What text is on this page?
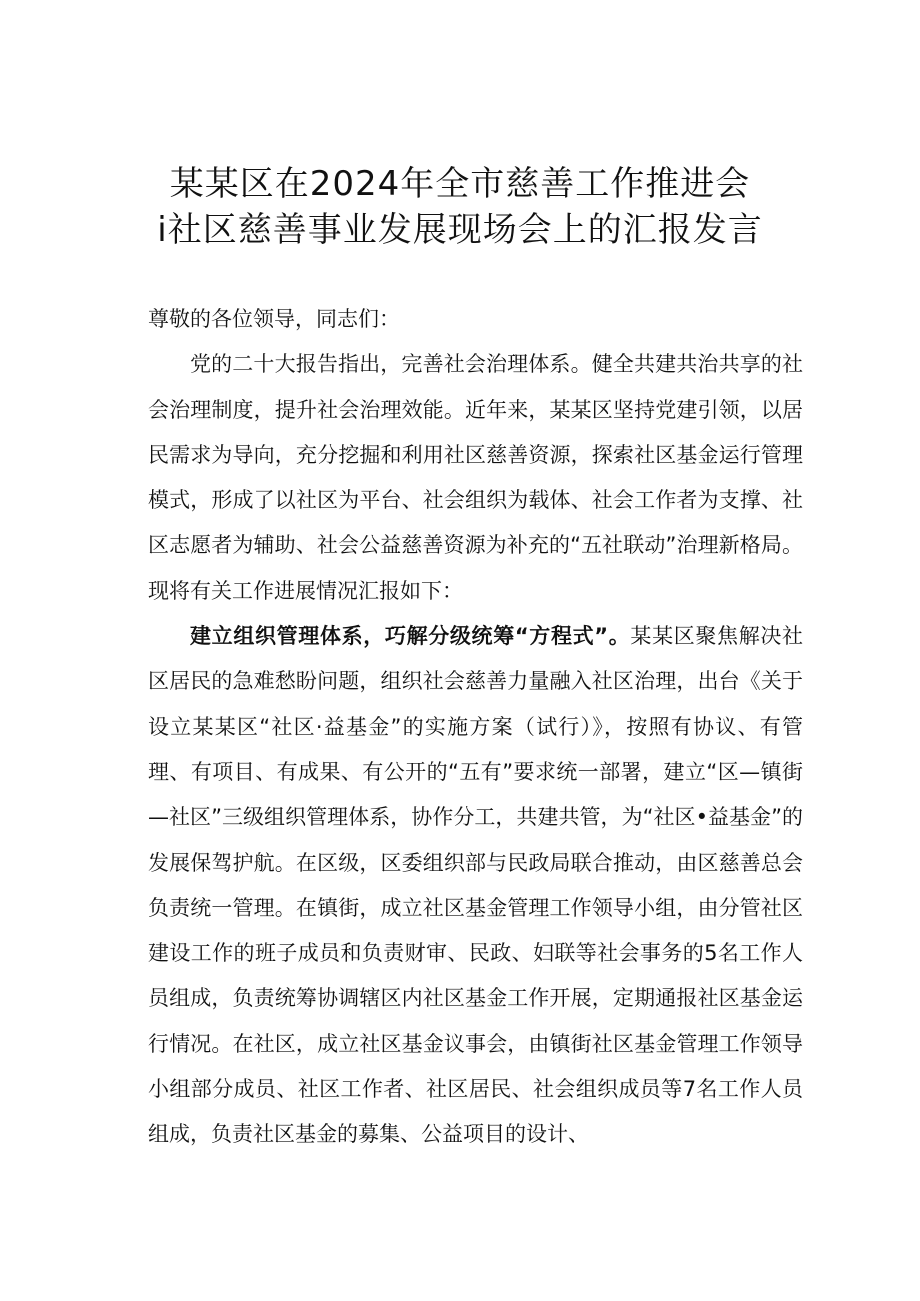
某某区在2024年全市慈善工作推进会
i社区慈善事业发展现场会上的汇报发言

尊敬的各位领导，同志们：

党的二十大报告指出，完善社会治理体系。健全共建共治共享的社会治理制度，提升社会治理效能。近年来，某某区坚持党建引领，以居民需求为导向，充分挖掘和利用社区慈善资源，探索社区基金运行管理模式，形成了以社区为平台、社会组织为载体、社会工作者为支撑、社区志愿者为辅助、社会公益慈善资源为补充的“五社联动”治理新格局。现将有关工作进展情况汇报如下：

建立组织管理体系，巧解分级统筹“方程式”。某某区聚焦解决社区居民的急难愁盼问题，组织社会慈善力量融入社区治理，出台《关于设立某某区“社区·益基金”的实施方案（试行）》，按照有协议、有管理、有项目、有成果、有公开的“五有”要求统一部署，建立“区—镇街—社区”三级组织管理体系，协作分工，共建共管，为“社区•益基金”的发展保驾护航。在区级，区委组织部与民政局联合推动，由区慈善总会负责统一管理。在镇街，成立社区基金管理工作领导小组，由分管社区建设工作的班子成员和负责财审、民政、妇联等社会事务的5名工作人员组成，负责统筹协调辖区内社区基金工作开展，定期通报社区基金运行情况。在社区，成立社区基金议事会，由镇街社区基金管理工作领导小组部分成员、社区工作者、社区居民、社会组织成员等7名工作人员组成，负责社区基金的募集、公益项目的设计、
